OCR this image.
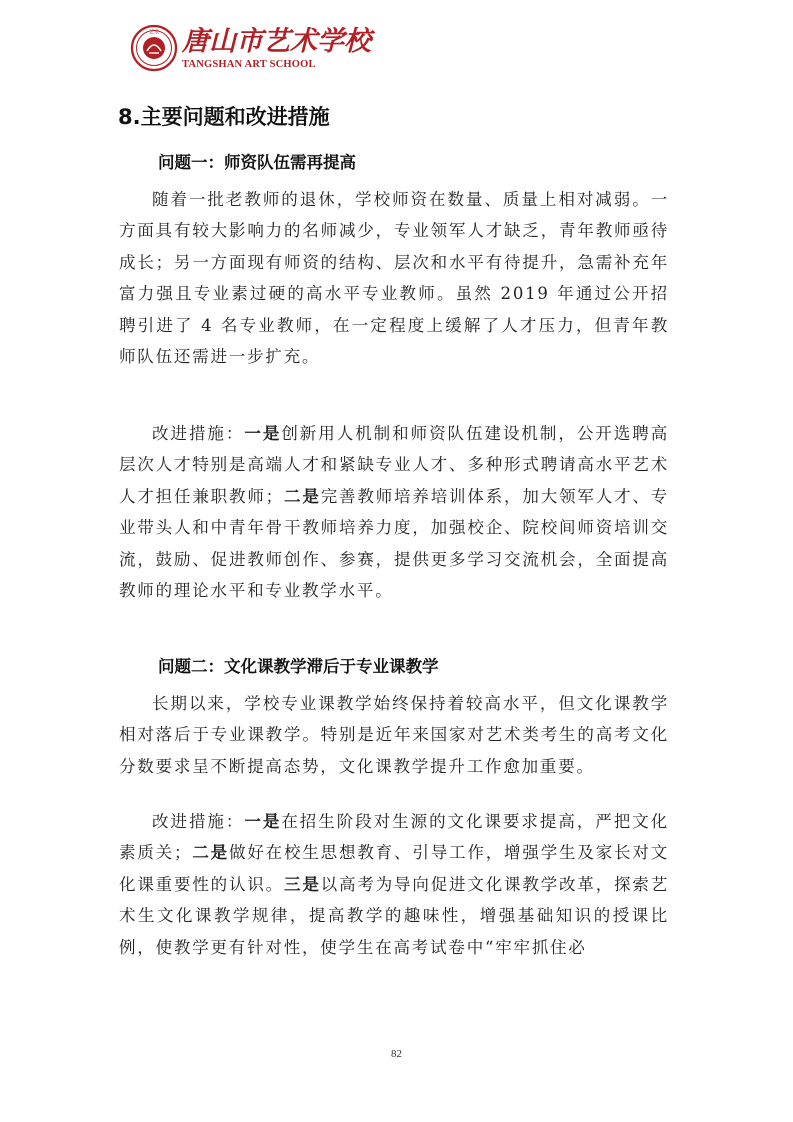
艺术 唐山市艺术学校
TANGSHAN ART SCHOOL
8.主要问题和改进措施
问题一：师资队伍需再提高

随着一批老教师的退休，学校师资在数量、质量上相对减弱。一方面具有较大影响力的名师减少，专业领军人才缺乏，青年教师亟待成长；另一方面现有师资的结构、层次和水平有待提升，急需补充年富力强且专业素过硬的高水平专业教师。虽然 2019 年通过公开招聘引进了 4 名专业教师，在一定程度上缓解了人才压力，但青年教师队伍还需进一步扩充。

改进措施：一是创新用人机制和师资队伍建设机制，公开选聘高层次人才特别是高端人才和紧缺专业人才、多种形式聘请高水平艺术人才担任兼职教师；二是完善教师培养培训体系，加大领军人才、专业带头人和中青年骨干教师培养力度，加强校企、院校间师资培训交流，鼓励、促进教师创作、参赛，提供更多学习交流机会，全面提高教师的理论水平和专业教学水平。

问题二：文化课教学滞后于专业课教学

长期以来，学校专业课教学始终保持着较高水平，但文化课教学相对落后于专业课教学。特别是近年来国家对艺术类考生的高考文化分数要求呈不断提高态势，文化课教学提升工作愈加重要。

改进措施：一是在招生阶段对生源的文化课要求提高，严把文化素质关；二是做好在校生思想教育、引导工作，增强学生及家长对文化课重要性的认识。三是以高考为导向促进文化课教学改革，探索艺术生文化课教学规律，提高教学的趣味性，增强基础知识的授课比例，使教学更有针对性，使学生在高考试卷中“牢牢抓住必

82
